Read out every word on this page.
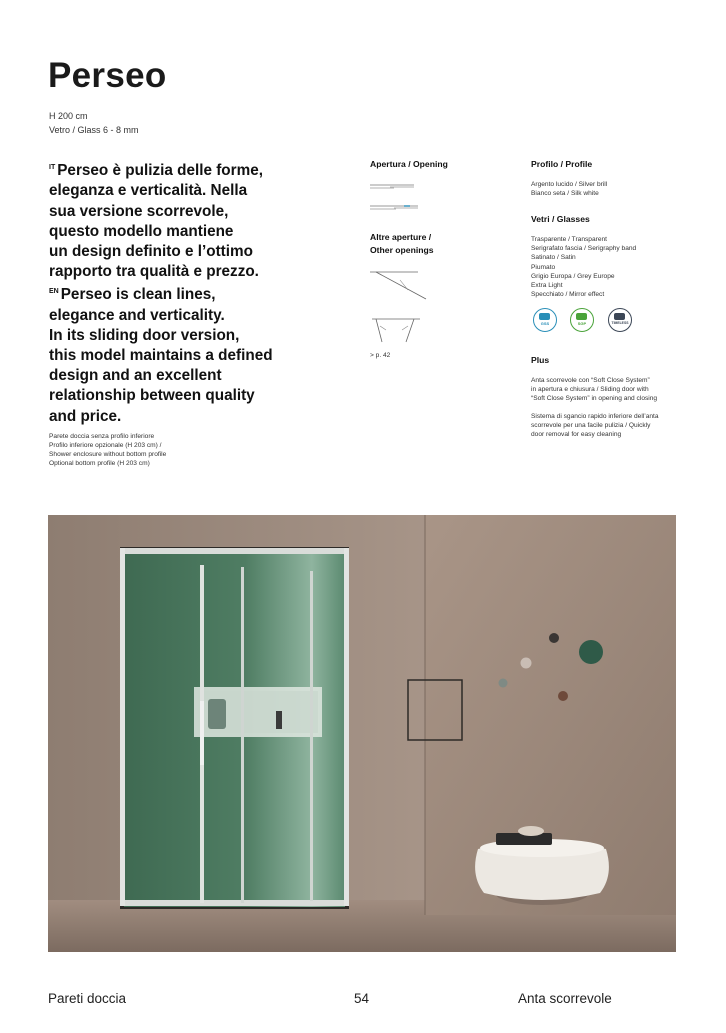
Perseo
H 200 cm
Vetro / Glass 6 - 8 mm
$^{IT}$ Perseo è pulizia delle forme,
eleganza e verticalità. Nella
sua versione scorrevole,
questo modello mantiene
un design definito e l’ottimo
rapporto tra qualità e prezzo.
$^{EN}$ Perseo is clean lines,
elegance and verticality.
In its sliding door version,
this model maintains a defined
design and an excellent
relationship between quality
and price.
Parete doccia senza profilo inferiore
Profilo inferiore opzionale (H 203 cm) /
Shower enclosure without bottom profile
Optional bottom profile (H 203 cm)
Apertura / Opening
Altre aperture /
Other openings
> p. 42
Profilo / Profile
Argento lucido / Silver brill
Bianco seta / Silk white
Vetri / Glasses
Trasparente / Transparent
Serigrafato fascia / Serigraphy band
Satinato / Satin
Piumato
Grigio Europa / Grey Europe
Extra Light
Specchiato / Mirror effect
GSS	SGP	TIMELESS
Plus
Anta scorrevole con “Soft Close System”
in apertura e chiusura / Sliding door with
“Soft Close System” in opening and closing
Sistema di sgancio rapido inferiore dell’anta
scorrevole per una facile pulizia / Quickly
door removal for easy cleaning
Pareti doccia	54	Anta scorrevole
